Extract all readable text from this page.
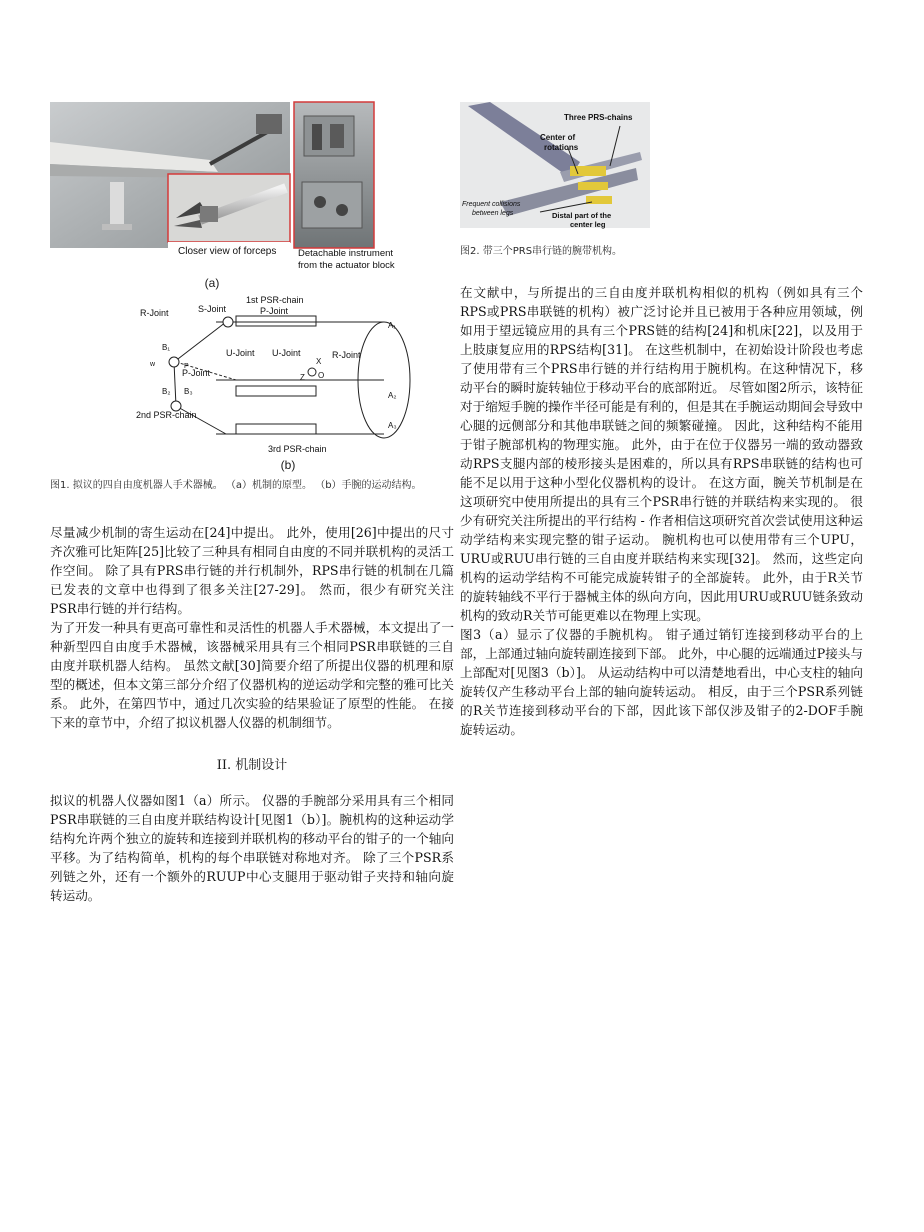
Closer view of forceps Detachable instrument
from the actuator block
(a)
1st PSR-chain
S-Joint	P-Joint
R-Joint
U-Joint U-Joint	R-Joint
P-Joint
2nd PSR-chain
3rd PSR-chain
B₁
B₂ B₃
A₁
A₂
A₃
O
X
Z
w	P
(b)
图1. 拟议的四自由度机器人手术器械。 （a）机制的原型。 （b）手腕的运动结构。

尽量减少机制的寄生运动在[24]中提出。 此外，使用[26]中提出的尺寸齐次雅可比矩阵[25]比较了三种具有相同自由度的不同并联机构的灵活工作空间。 除了具有PRS串行链的并行机制外，RPS串行链的机制在几篇已发表的文章中也得到了很多关注[27-29]。 然而，很少有研究关注PSR串行链的并行结构。

为了开发一种具有更高可靠性和灵活性的机器人手术器械，本文提出了一种新型四自由度手术器械，该器械采用具有三个相同PSR串联链的三自由度并联机器人结构。 虽然文献[30]简要介绍了所提出仪器的机理和原型的概述，但本文第三部分介绍了仪器机构的逆运动学和完整的雅可比关系。 此外，在第四节中，通过几次实验的结果验证了原型的性能。 在接下来的章节中，介绍了拟议机器人仪器的机制细节。

II. 机制设计

拟议的机器人仪器如图1（a）所示。 仪器的手腕部分采用具有三个相同PSR串联链的三自由度并联结构设计[见图1（b）]。腕机构的这种运动学结构允许两个独立的旋转和连接到并联机构的移动平台的钳子的一个轴向平移。为了结构简单，机构的每个串联链对称地对齐。 除了三个PSR系列链之外，还有一个额外的RUUP中心支腿用于驱动钳子夹持和轴向旋转运动。

Three PRS-chains
Center of
rotations
Frequent collisions
between legs	Distal part of the
center leg
图2. 带三个PRS串行链的腕带机构。

在文献中，与所提出的三自由度并联机构相似的机构（例如具有三个RPS或PRS串联链的机构）被广泛讨论并且已被用于各种应用领域，例如用于望远镜应用的具有三个PRS链的结构[24]和机床[22]，以及用于上肢康复应用的RPS结构[31]。 在这些机制中，在初始设计阶段也考虑了使用带有三个PRS串行链的并行结构用于腕机构。在这种情况下，移动平台的瞬时旋转轴位于移动平台的底部附近。 尽管如图2所示，该特征对于缩短手腕的操作半径可能是有利的，但是其在手腕运动期间会导致中心腿的远侧部分和其他串联链之间的频繁碰撞。 因此，这种结构不能用于钳子腕部机构的物理实施。 此外，由于在位于仪器另一端的致动器致动RPS支腿内部的棱形接头是困难的，所以具有RPS串联链的结构也可能不足以用于这种小型化仪器机构的设计。 在这方面，腕关节机制是在这项研究中使用所提出的具有三个PSR串行链的并联结构来实现的。 很少有研究关注所提出的平行结构 - 作者相信这项研究首次尝试使用这种运动学结构来实现完整的钳子运动。 腕机构也可以使用带有三个UPU，URU或RUU串行链的三自由度并联结构来实现[32]。 然而，这些定向机构的运动学结构不可能完成旋转钳子的全部旋转。 此外，由于R关节的旋转轴线不平行于器械主体的纵向方向，因此用URU或RUU链条致动机构的致动R关节可能更难以在物理上实现。

图3（a）显示了仪器的手腕机构。 钳子通过销钉连接到移动平台的上部，上部通过轴向旋转副连接到下部。 此外，中心腿的远端通过P接头与上部配对[见图3（b）]。 从运动结构中可以清楚地看出，中心支柱的轴向旋转仅产生移动平台上部的轴向旋转运动。 相反，由于三个PSR系列链的R关节连接到移动平台的下部，因此该下部仅涉及钳子的2-DOF手腕旋转运动。
